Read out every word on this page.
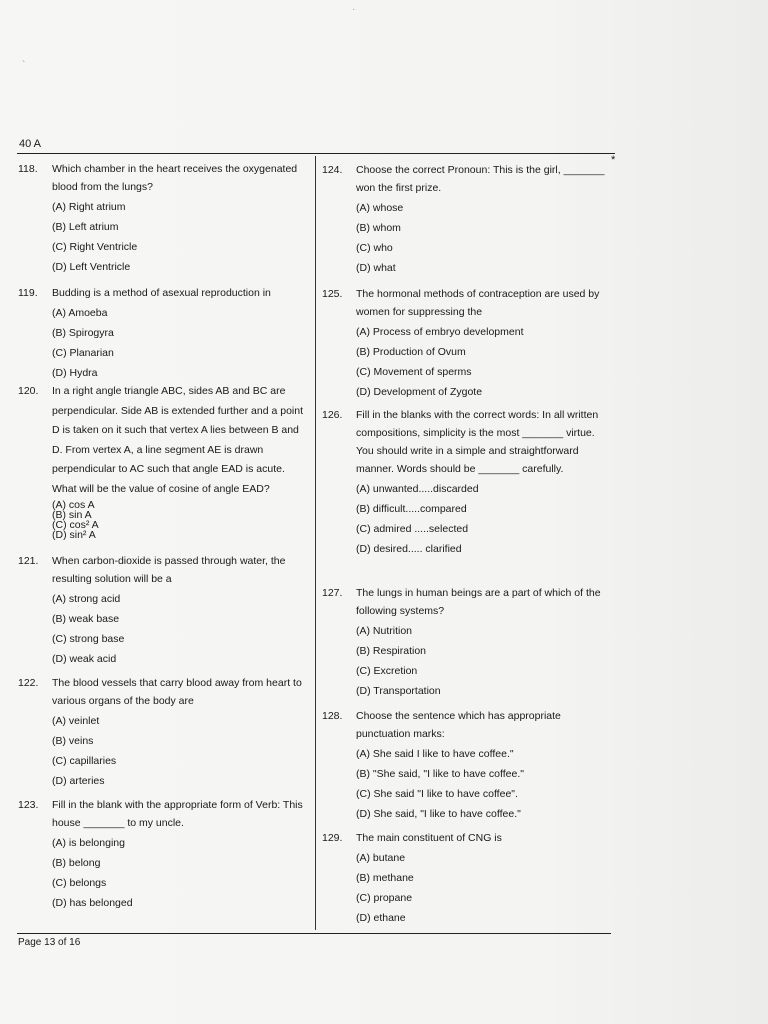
·
`
40 A
*
118.	Which chamber in the heart receives the oxygenated blood from the lungs?

(A) Right atrium
(B) Left atrium
(C) Right Ventricle
(D) Left Ventricle
119.	Budding is a method of asexual reproduction in

(A) Amoeba
(B) Spirogyra
(C) Planarian
(D) Hydra
120.	In a right angle triangle ABC, sides AB and BC are perpendicular. Side AB is extended further and a point D is taken on it such that vertex A lies between B and D. From vertex A, a line segment AE is drawn perpendicular to AC such that angle EAD is acute. What will be the value of cosine of angle EAD?

(A) cos A
(B) sin A
(C) cos² A
(D) sin² A
121.	When carbon-dioxide is passed through water, the resulting solution will be a

(A) strong acid
(B) weak base
(C) strong base
(D) weak acid
122.	The blood vessels that carry blood away from heart to various organs of the body are

(A) veinlet
(B) veins
(C) capillaries
(D) arteries
123.	Fill in the blank with the appropriate form of Verb: This house _______ to my uncle.

(A) is belonging
(B) belong
(C) belongs
(D) has belonged
124.	Choose the correct Pronoun: This is the girl, _______ won the first prize.

(A) whose
(B) whom
(C) who
(D) what
125.	The hormonal methods of contraception are used by women for suppressing the

(A) Process of embryo development
(B) Production of Ovum
(C) Movement of sperms
(D) Development of Zygote
126.	Fill in the blanks with the correct words: In all written compositions, simplicity is the most _______ virtue. You should write in a simple and straightforward manner. Words should be _______ carefully.

(A) unwanted.....discarded
(B) difficult.....compared
(C) admired .....selected
(D) desired..... clarified
127.	The lungs in human beings are a part of which of the following systems?

(A) Nutrition
(B) Respiration
(C) Excretion
(D) Transportation
128.	Choose the sentence which has appropriate punctuation marks:

(A) She said I like to have coffee."
(B) "She said, "I like to have coffee."
(C) She said "I like to have coffee".
(D) She said, "I like to have coffee."
129.	The main constituent of CNG is

(A) butane
(B) methane
(C) propane
(D) ethane
Page 13 of 16
